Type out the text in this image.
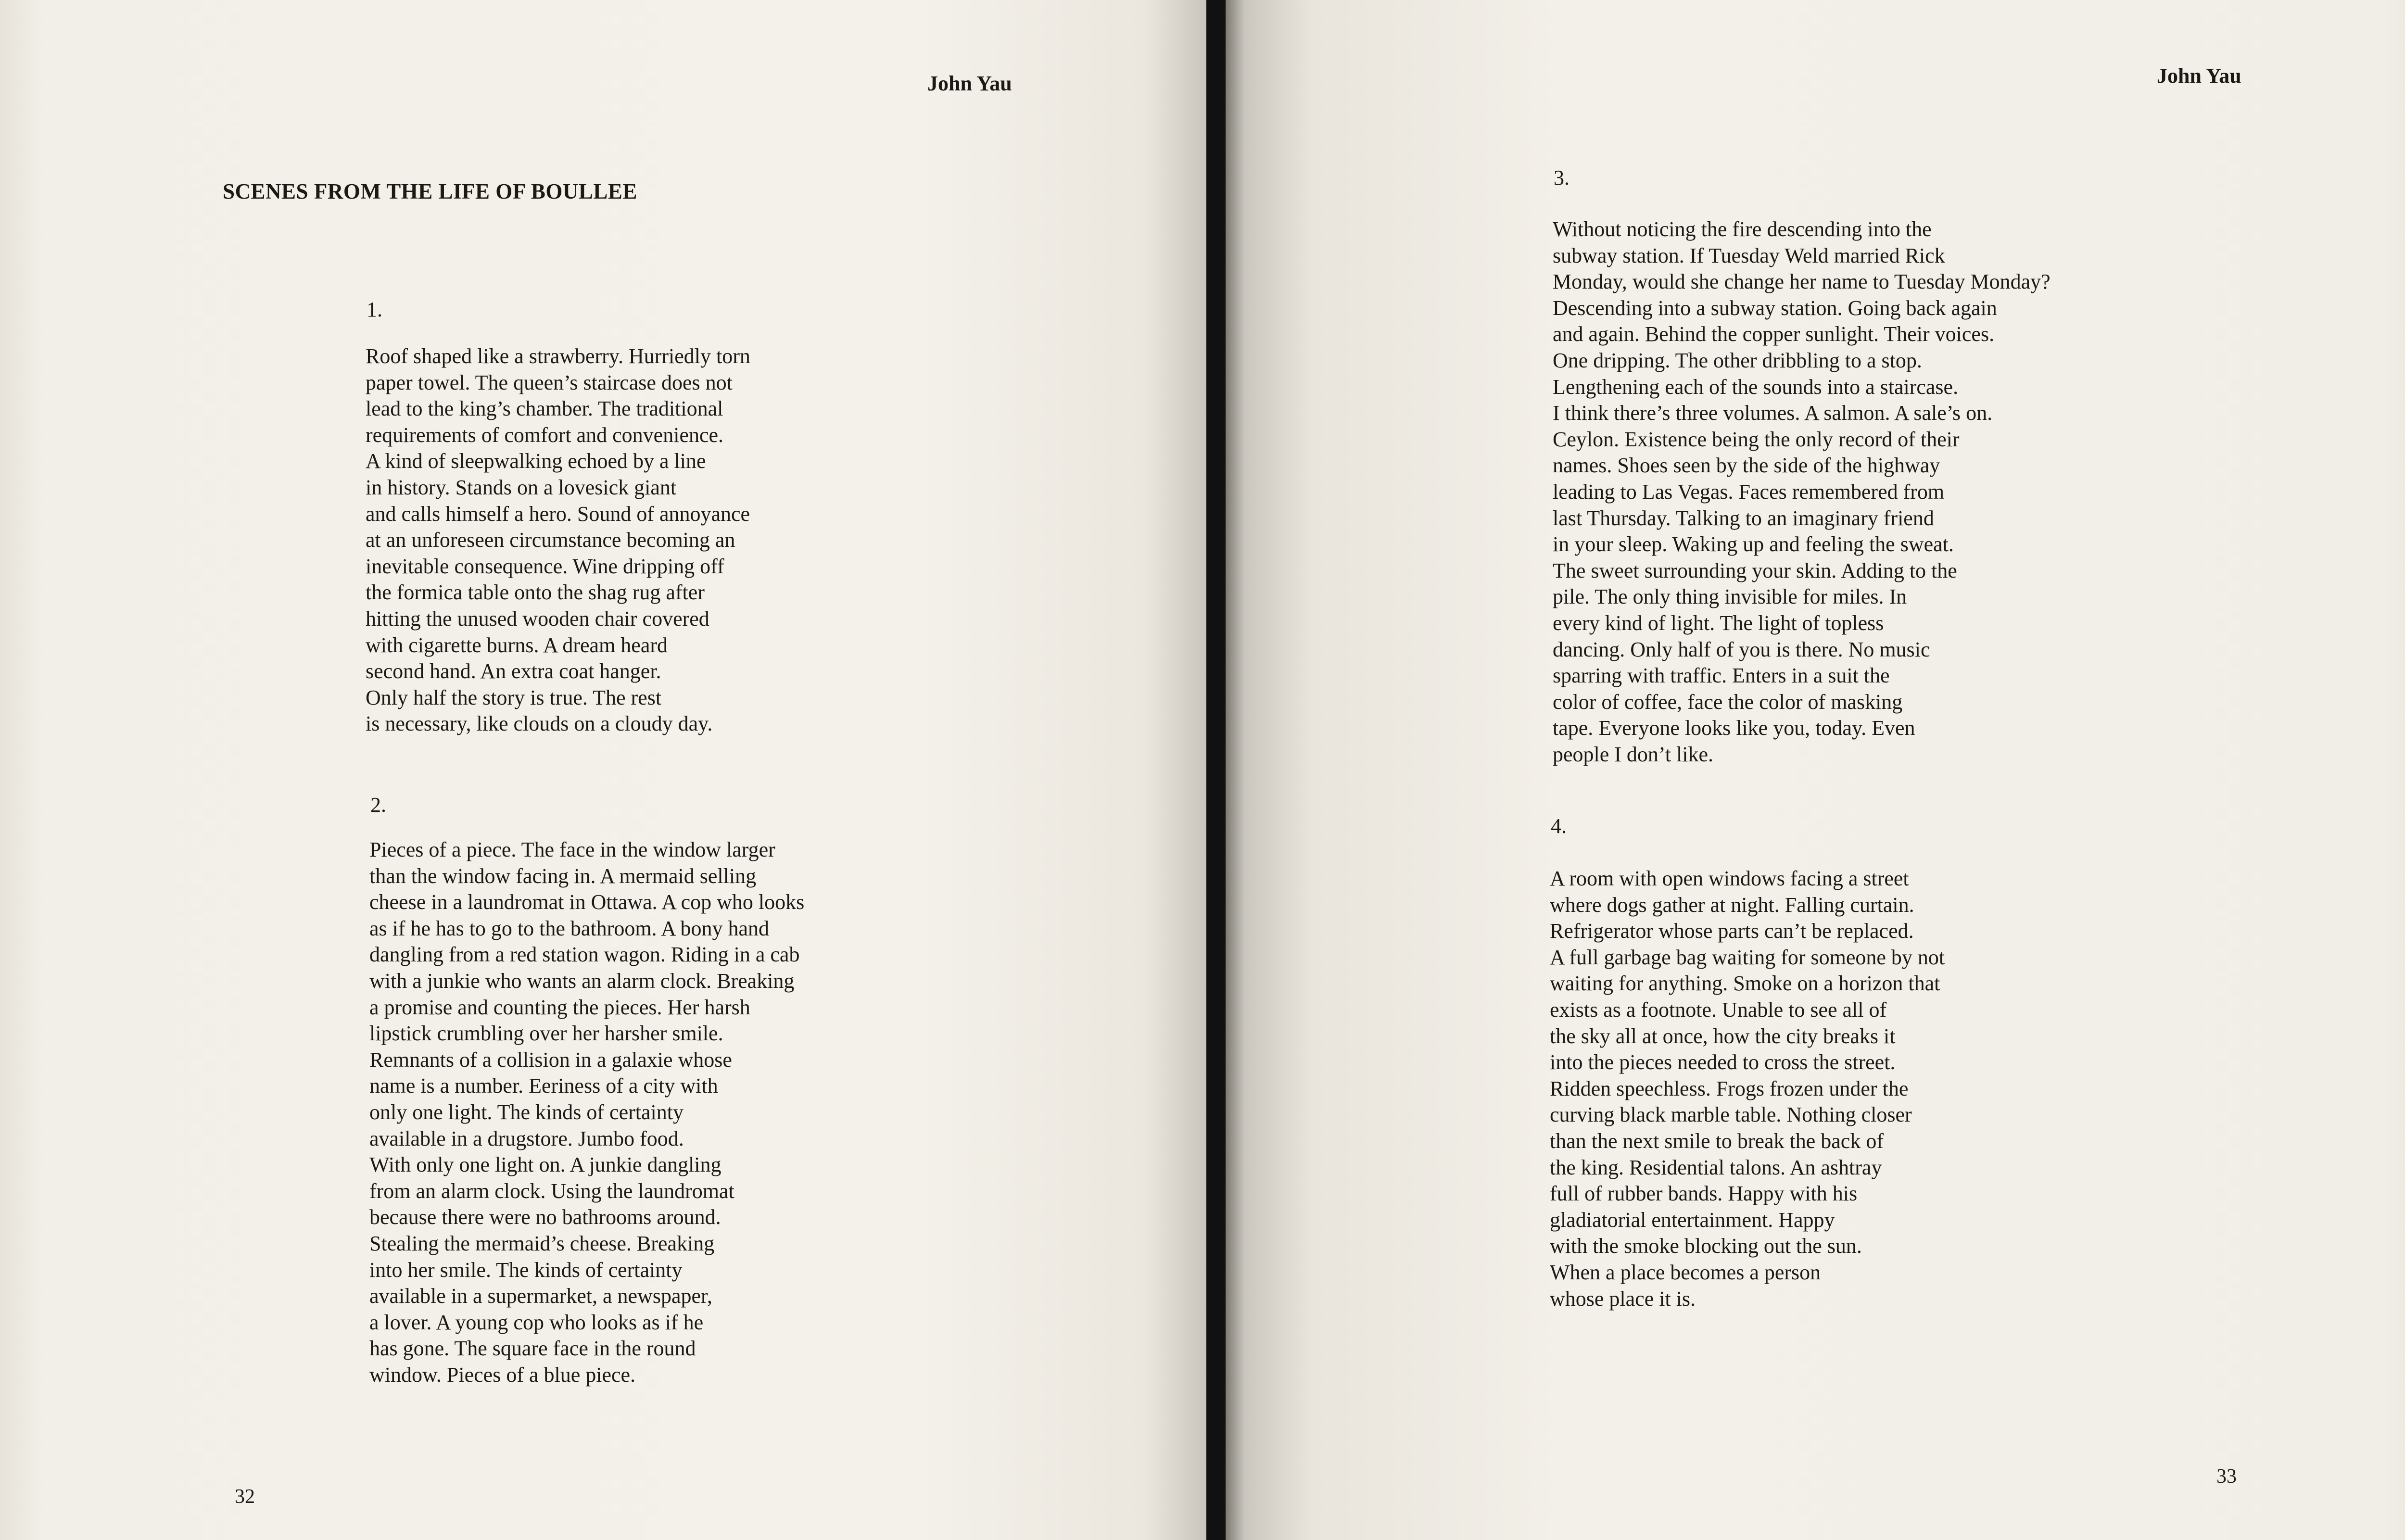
John Yau
SCENES FROM THE LIFE OF BOULLEE

1.

Roof shaped like a strawberry. Hurriedly torn
paper towel. The queen’s staircase does not
lead to the king’s chamber. The traditional
requirements of comfort and convenience.
A kind of sleepwalking echoed by a line
in history. Stands on a lovesick giant
and calls himself a hero. Sound of annoyance
at an unforeseen circumstance becoming an
inevitable consequence. Wine dripping off
the formica table onto the shag rug after
hitting the unused wooden chair covered
with cigarette burns. A dream heard
second hand. An extra coat hanger.
Only half the story is true. The rest
is necessary, like clouds on a cloudy day.

2.

Pieces of a piece. The face in the window larger
than the window facing in. A mermaid selling
cheese in a laundromat in Ottawa. A cop who looks
as if he has to go to the bathroom. A bony hand
dangling from a red station wagon. Riding in a cab
with a junkie who wants an alarm clock. Breaking
a promise and counting the pieces. Her harsh
lipstick crumbling over her harsher smile.
Remnants of a collision in a galaxie whose
name is a number. Eeriness of a city with
only one light. The kinds of certainty
available in a drugstore. Jumbo food.
With only one light on. A junkie dangling
from an alarm clock. Using the laundromat
because there were no bathrooms around.
Stealing the mermaid’s cheese. Breaking
into her smile. The kinds of certainty
available in a supermarket, a newspaper,
a lover. A young cop who looks as if he
has gone. The square face in the round
window. Pieces of a blue piece.

32

John Yau

3.

Without noticing the fire descending into the
subway station. If Tuesday Weld married Rick
Monday, would she change her name to Tuesday Monday?
Descending into a subway station. Going back again
and again. Behind the copper sunlight. Their voices.
One dripping. The other dribbling to a stop.
Lengthening each of the sounds into a staircase.
I think there’s three volumes. A salmon. A sale’s on.
Ceylon. Existence being the only record of their
names. Shoes seen by the side of the highway
leading to Las Vegas. Faces remembered from
last Thursday. Talking to an imaginary friend
in your sleep. Waking up and feeling the sweat.
The sweet surrounding your skin. Adding to the
pile. The only thing invisible for miles. In
every kind of light. The light of topless
dancing. Only half of you is there. No music
sparring with traffic. Enters in a suit the
color of coffee, face the color of masking
tape. Everyone looks like you, today. Even
people I don’t like.

4.

A room with open windows facing a street
where dogs gather at night. Falling curtain.
Refrigerator whose parts can’t be replaced.
A full garbage bag waiting for someone by not
waiting for anything. Smoke on a horizon that
exists as a footnote. Unable to see all of
the sky all at once, how the city breaks it
into the pieces needed to cross the street.
Ridden speechless. Frogs frozen under the
curving black marble table. Nothing closer
than the next smile to break the back of
the king. Residential talons. An ashtray
full of rubber bands. Happy with his
gladiatorial entertainment. Happy
with the smoke blocking out the sun.
When a place becomes a person
whose place it is.

33
